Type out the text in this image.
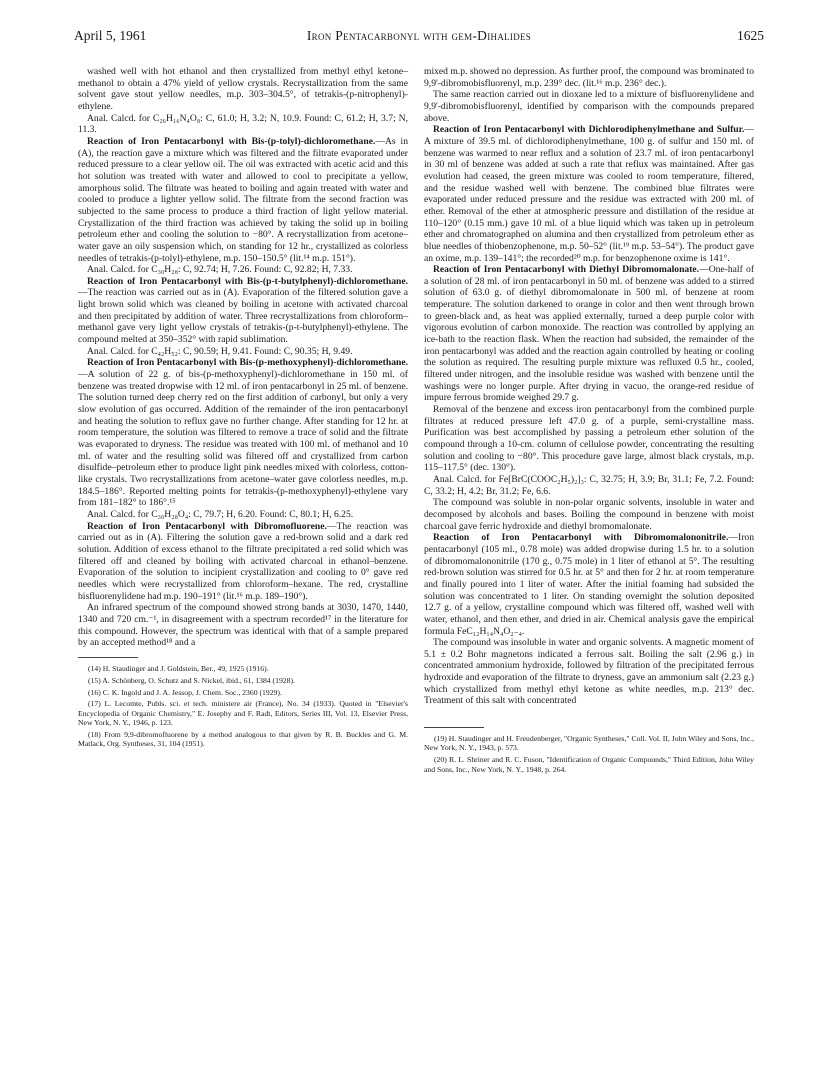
April 5, 1961	Iron Pentacarbonyl with gem-Dihalides	1625

washed well with hot ethanol and then crystallized from methyl ethyl ketone–methanol to obtain a 47% yield of yellow crystals. Recrystallization from the same solvent gave stout yellow needles, m.p. 303–304.5°, of tetrakis-(p-nitrophenyl)-ethylene.

Anal. Calcd. for C₂₆H₁₆N₄O₈: C, 61.0; H, 3.2; N, 10.9. Found: C, 61.2; H, 3.7; N, 11.3.

Reaction of Iron Pentacarbonyl with Bis-(p-tolyl)-dichloromethane.—As in (A), the reaction gave a mixture which was filtered and the filtrate evaporated under reduced pressure to a clear yellow oil. The oil was extracted with acetic acid and this hot solution was treated with water and allowed to cool to precipitate a yellow, amorphous solid. The filtrate was heated to boiling and again treated with water and cooled to produce a lighter yellow solid. The filtrate from the second fraction was subjected to the same process to produce a third fraction of light yellow material. Crystallization of the third fraction was achieved by taking the solid up in boiling petroleum ether and cooling the solution to −80°. A recrystallization from acetone–water gave an oily suspension which, on standing for 12 hr., crystallized as colorless needles of tetrakis-(p-tolyl)-ethylene, m.p. 150–150.5° (lit.¹⁴ m.p. 151°).

Anal. Calcd. for C₃₀H₂₈: C, 92.74; H, 7.26. Found: C, 92.82; H, 7.33.

Reaction of Iron Pentacarbonyl with Bis-(p-t-butylphenyl)-dichloromethane.—The reaction was carried out as in (A). Evaporation of the filtered solution gave a light brown solid which was cleaned by boiling in acetone with activated charcoal and then precipitated by addition of water. Three recrystallizations from chloroform–methanol gave very light yellow crystals of tetrakis-(p-t-butylphenyl)-ethylene. The compound melted at 350–352° with rapid sublimation.

Anal. Calcd. for C₄₂H₅₂: C, 90.59; H, 9.41. Found: C, 90.35; H, 9.49.

Reaction of Iron Pentacarbonyl with Bis-(p-methoxyphenyl)-dichloromethane.—A solution of 22 g. of bis-(p-methoxyphenyl)-dichloromethane in 150 ml. of benzene was treated dropwise with 12 ml. of iron pentacarbonyl in 25 ml. of benzene. The solution turned deep cherry red on the first addition of carbonyl, but only a very slow evolution of gas occurred. Addition of the remainder of the iron pentacarbonyl and heating the solution to reflux gave no further change. After standing for 12 hr. at room temperature, the solution was filtered to remove a trace of solid and the filtrate was evaporated to dryness. The residue was treated with 100 ml. of methanol and 10 ml. of water and the resulting solid was filtered off and crystallized from carbon disulfide–petroleum ether to produce light pink needles mixed with colorless, cotton-like crystals. Two recrystallizations from acetone–water gave colorless needles, m.p. 184.5–186°. Reported melting points for tetrakis-(p-methoxyphenyl)-ethylene vary from 181–182° to 186°.¹⁵

Anal. Calcd. for C₃₀H₂₈O₄: C, 79.7; H, 6.20. Found: C, 80.1; H, 6.25.

Reaction of Iron Pentacarbonyl with Dibromofluorene.—The reaction was carried out as in (A). Filtering the solution gave a red-brown solid and a dark red solution. Addition of excess ethanol to the filtrate precipitated a red solid which was filtered off and cleaned by boiling with activated charcoal in ethanol–benzene. Evaporation of the solution to incipient crystallization and cooling to 0° gave red needles which were recrystallized from chloroform–hexane. The red, crystalline bisfluorenylidene had m.p. 190–191° (lit.¹⁶ m.p. 189–190°).

An infrared spectrum of the compound showed strong bands at 3030, 1470, 1440, 1340 and 720 cm.⁻¹, in disagreement with a spectrum recorded¹⁷ in the literature for this compound. However, the spectrum was identical with that of a sample prepared by an accepted method¹⁸ and a

(14) H. Staudinger and J. Goldstein, Ber., 49, 1925 (1916).

(15) A. Schönberg, O. Schutz and S. Nickel, ibid., 61, 1384 (1928).

(16) C. K. Ingold and J. A. Jessop, J. Chem. Soc., 2360 (1929).

(17) L. Lecomte, Publs. sci. et tech. ministere air (France), No. 34 (1933). Quoted in "Elsevier's Encyclopedia of Organic Chemistry," E. Josephy and F. Radt, Editors, Series III, Vol. 13, Elsevier Press, New York, N. Y., 1946, p. 123.

(18) From 9,9-dibromofluorene by a method analogous to that given by R. B. Buckles and G. M. Matlack, Org. Syntheses, 31, 104 (1951).

mixed m.p. showed no depression. As further proof, the compound was brominated to 9,9'-dibromobisfluorenyl, m.p. 239° dec. (lit.¹⁶ m.p. 236° dec.).

The same reaction carried out in dioxane led to a mixture of bisfluorenylidene and 9,9'-dibromobisfluorenyl, identified by comparison with the compounds prepared above.

Reaction of Iron Pentacarbonyl with Dichlorodiphenylmethane and Sulfur.—A mixture of 39.5 ml. of dichlorodiphenylmethane, 100 g. of sulfur and 150 ml. of benzene was warmed to near reflux and a solution of 23.7 ml. of iron pentacarbonyl in 30 ml of benzene was added at such a rate that reflux was maintained. After gas evolution had ceased, the green mixture was cooled to room temperature, filtered, and the residue washed well with benzene. The combined blue filtrates were evaporated under reduced pressure and the residue was extracted with 200 ml. of ether. Removal of the ether at atmospheric pressure and distillation of the residue at 110–120° (0.15 mm.) gave 10 ml. of a blue liquid which was taken up in petroleum ether and chromatographed on alumina and then crystallized from petroleum ether as blue needles of thiobenzophenone, m.p. 50–52° (lit.¹⁹ m.p. 53–54°). The product gave an oxime, m.p. 139–141°; the recorded²⁰ m.p. for benzophenone oxime is 141°.

Reaction of Iron Pentacarbonyl with Diethyl Dibromomalonate.—One-half of a solution of 28 ml. of iron pentacarbonyl in 50 ml. of benzene was added to a stirred solution of 63.0 g. of diethyl dibromomalonate in 500 ml. of benzene at room temperature. The solution darkened to orange in color and then went through brown to green-black and, as heat was applied externally, turned a deep purple color with vigorous evolution of carbon monoxide. The reaction was controlled by applying an ice-bath to the reaction flask. When the reaction had subsided, the remainder of the iron pentacarbonyl was added and the reaction again controlled by heating or cooling the solution as required. The resulting purple mixture was refluxed 0.5 hr., cooled, filtered under nitrogen, and the insoluble residue was washed with benzene until the washings were no longer purple. After drying in vacuo, the orange-red residue of impure ferrous bromide weighed 29.7 g.

Removal of the benzene and excess iron pentacarbonyl from the combined purple filtrates at reduced pressure left 47.0 g. of a purple, semi-crystalline mass. Purification was best accomplished by passing a petroleum ether solution of the compound through a 10-cm. column of cellulose powder, concentrating the resulting solution and cooling to −80°. This procedure gave large, almost black crystals, m.p. 115–117.5° (dec. 130°).

Anal. Calcd. for Fe[BrC(COOC₂H₅)₂]₃: C, 32.75; H, 3.9; Br, 31.1; Fe, 7.2. Found: C, 33.2; H, 4.2; Br, 31.2; Fe, 6.6.

The compound was soluble in non-polar organic solvents, insoluble in water and decomposed by alcohols and bases. Boiling the compound in benzene with moist charcoal gave ferric hydroxide and diethyl bromomalonate.

Reaction of Iron Pentacarbonyl with Dibromomalononitrile.—Iron pentacarbonyl (105 ml., 0.78 mole) was added dropwise during 1.5 hr. to a solution of dibromomalononitrile (170 g., 0.75 mole) in 1 liter of ethanol at 5°. The resulting red-brown solution was stirred for 0.5 hr. at 5° and then for 2 hr. at room temperature and finally poured into 1 liter of water. After the initial foaming had subsided the solution was concentrated to 1 liter. On standing overnight the solution deposited 12.7 g. of a yellow, crystalline compound which was filtered off, washed well with water, ethanol, and then ether, and dried in air. Chemical analysis gave the empirical formula FeC₁₂H₁₄N₄O₂₋₄.

The compound was insoluble in water and organic solvents. A magnetic moment of 5.1 ± 0.2 Bohr magnetons indicated a ferrous salt. Boiling the salt (2.96 g.) in concentrated ammonium hydroxide, followed by filtration of the precipitated ferrous hydroxide and evaporation of the filtrate to dryness, gave an ammonium salt (2.23 g.) which crystallized from methyl ethyl ketone as white needles, m.p. 213° dec. Treatment of this salt with concentrated

(19) H. Staudinger and H. Freudenberger, "Organic Syntheses," Coll. Vol. II, John Wiley and Sons, Inc., New York, N. Y., 1943, p. 573.

(20) R. L. Shriner and R. C. Fuson, "Identification of Organic Compounds," Third Edition, John Wiley and Sons, Inc., New York, N. Y., 1948, p. 264.
